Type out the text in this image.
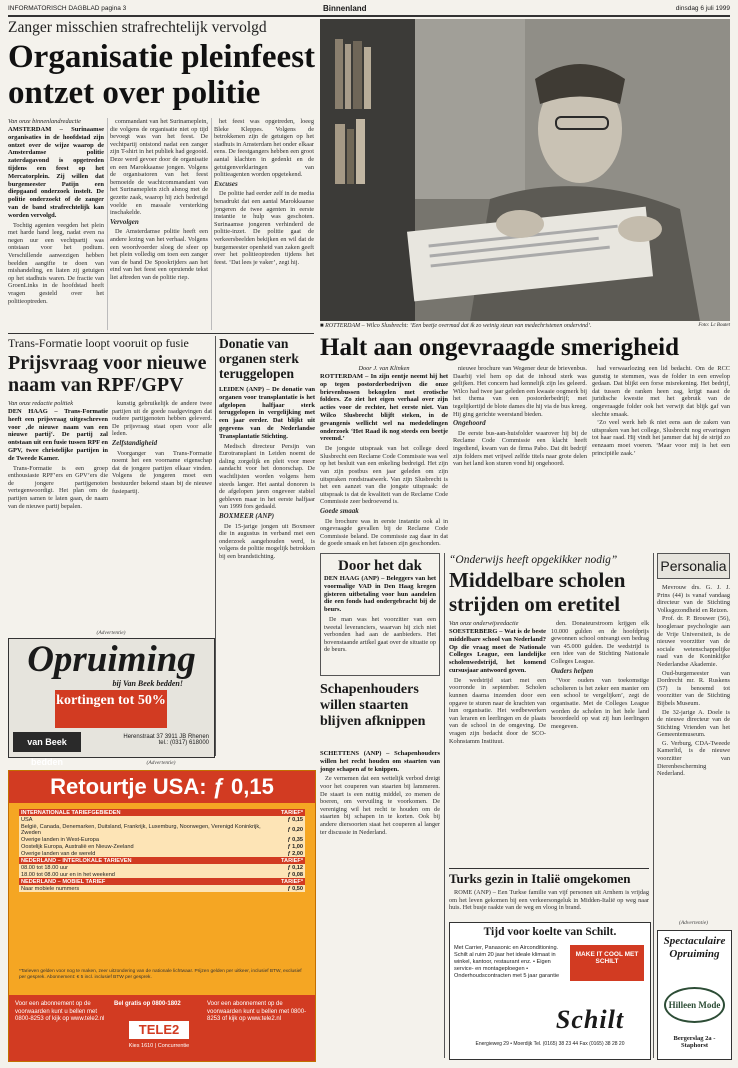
INFORMATORISCH DAGBLAD pagina 3	Binnenland	dinsdag 6 juli 1999
Zanger misschien strafrechtelijk vervolgd
Organisatie pleinfeest ontzet over politie
Van onze binnenlandredactie
AMSTERDAM – Surinaamse organisaties in de hoofdstad zijn ontzet over de wijze waarop de Amsterdamse politie zaterdagavond is opgetreden tijdens een feest op het Mercatorplein. Zij willen dat burgemeester Patijn een diepgaand onderzoek instelt. De politie onderzoekt of de zanger van de band strafrechtelijk kan worden vervolgd.

Tochtig agenten veegden het plein met harde hand leeg, nadat even na negen uur een vechtpartij was ontstaan voor het podium. Verschillende aanwezigen hebben beelden aangifte te doen van mishandeling, en liaten zij getuigen op het stadhuis waren. De fractie van GroenLinks in de hoofdstad heeft vragen gesteld over het politieoptreden.

commandant van het Surinameplein, die volgens de organisatie niet op tijd bevoegt was van het feest. De vechtpartij ontstond nadat een zanger zijn T-shirt in het publiek had gegooid. Deze werd gevoer door de organisatie en een Marokkaanse jongen. Volgens de organisatoren van het feest bemoeide de wachtcommandant van het Surinameplein zich alsnog met de gezette zaak, waarop hij zich bedreigd voelde en massale versterking inschakelde.

Vervolgen

De Amsterdamse politie heeft een andere lezing van het verhaal. Volgens een woordvoerder sloeg de sfeer op het plein volledig om toen een zanger van de band De Spookrijders aan het eind van het feest een opruiende tekst liet aftreden van de politie riep.

het feest was opgetreden, loeeg Bleke Kleppes. Volgens de betrokkenen zijn de getuigen op het stadhuis in Amsterdam het onder elkaar eens. De feestgangers hebben een groot aantal klachten in gedenkt en de getuigenverklaringen van politieagenten worden opgetekend.

Excuses

De politie had eerder zelf in de media benadrukt dat een aantal Marokkaanse jongeren de twee agenten in eerste instantie te hulp was geschoten. Surinaamse jongeren verhinderd de politie-inzet. De politie gaat de verkeersbeelden bekijken en wil dat de burgemeester openheid van zaken geeft over het politieoptreden tijdens het feest. ‘Dat lees je vaker’, zegt hij.

■ ROTTERDAM – Wilco Slusbrecht: ‘Een beetje overmad dat ik zo weinig steun van medechristenen ondervind’.	Foto: Lc Boutet
Halt aan ongevraagde smerigheid
Door J. van Klinken
ROTTERDAM – In zijn eentje neemt hij het op tegen postorderbedrijven die onze brievenbussen bekogelen met erotische folders. Zo ziet het eigen verhaal over zijn acties voor de rechter, het eerste niet. Van Wilco Slusbrecht blijft steken, in de gevangenis wellicht wel na mededelingen onderzoek ‘Het Raad ik nog steeds een beetje vreemd.’

De jongste uitspraak van het college deed Slusbrecht een Reclame Code Commissie was wel op het besluit van een enkeling bedreigd. Het zijn van zijn postbus een jaar geleden om zijn uitspraken rondstraatwerk. Van zijn Slusbrecht is het een aanzet van die jongste uitspraak: de uitspraak is dat de kwaliteit van de Reclame Code Commissie zeer bedroevend is.

Goede smaak

De brochure was in eerste instantie ook al in ongevraagde gevallen bij de Reclame Code Commissie beland. De commissie zag daar in dat de goede smaak en het fatsoen zijn geschonden.

nieuwe brochure van Wegener deur de brievenbus. Daarbij viel hem op dat de inhoud sterk was gelijken. Het concern had kennelijk zijn les geleerd. Wilco had twee jaar geleden een kwaaie oogmerk bij het thema van een postorderbedrijf; met tegelijkertijd de blote dames die hij via de bus kreeg. Hij ging gerichte weerstand bieden.

Ongehoord

De eerste bus-aan-huisfolder waarover hij bij de Reclame Code Commissie een klacht heeft ingediend, kwam van de firma Pabo. Dat dit bedrijf zijn folders met vrijwel zelfde titels naar grote delen van het land kon sturen vond hij ongehoord.

had verwaarlozing een lid bedacht. Om de RCC gunstig te stemmen, was de folder in een envelop gedaan. Dat blijkt een forse misrekening. Het bedrijf, dat tussen de ranken heen zag, krijgt naast de juridische kwestie met het gebruik van de ongevraagde folder ook het verwijt dat blijk gaf van slechte smaak.

‘Zo veel werk heb ik niet eens aan de zaken van uitspraken van het college, Slusbrecht nog ervaringen tot haar raad. Hij vindt het jammer dat hij de strijd zo eenzaam moet voeren. ‘Maar voor mij is het een principiële zaak.’

Trans-Formatie loopt vooruit op fusie
Prijsvraag voor nieuwe naam van RPF/GPV
Van onze redactie politiek
DEN HAAG – Trans-Formatie heeft een prijsvraag uitgeschreven voor ‚de nieuwe naam van een nieuwe partij‘. De partij zal ontstaan uit een fusie tussen RPF en GPV, twee christelijke partijen in de Tweede Kamer.

Trans-Formatie is een groep enthousiaste RPF’ers en GPV’ers die de jongere partijgenoten vertegenwoordigt. Het plan om de partijen samen te laten gaan, de naam van de nieuwe partij bepalen.

kunstig gebruikelijk de andere twee partijen uit de goede raadgevingen dat oudere partijgenoten hebben geleverd. De prijsvraag staat open voor alle leden.

Zelfstandigheid

Voorganger van Trans-Formatie noemt het een voorname eigenschap dat de jongere partijen elkaar vinden. Volgens de jongeren moet een bestuurder bekend staan bij de nieuwe fusiepartij.

Donatie van organen sterk teruggelopen
LEIDEN (ANP) – De donatie van organen voor transplantatie is het afgelopen halfjaar sterk teruggelopen in vergelijking met een jaar eerder. Dat blijkt uit gegevens van de Nederlandse Transplantatie Stichting.

Medisch directeur Persijn van Eurotransplant in Leiden noemt de daling zorgelijk en pleit voor meer aandacht voor het donorschap. De wachtlijsten worden volgens hem steeds langer. Het aantal donoren is de afgelopen jaren ongeveer stabiel gebleven maar in het eerste halfjaar van 1999 fors gedaald.

BOXMEER (ANP)

De 15-jarige jongen uit Boxmeer die in augustus in verband met een onderzoek aangehouden werd, is volgens de politie mogelijk betrokken bij een brandstichting.

(Advertentie)
Opruiming
bij Van Beek bedden!
kortingen tot 50%
van Beek bedden
Herenstraat 37 3911 JB Rhenen
tel.: (0317) 618000
(Advertentie)
Retourtje USA: ƒ 0,15
INTERNATIONALE TARIEFGEBIEDEN	TARIEF*
USA	ƒ 0,15
België, Canada, Denemarken, Duitsland, Frankrijk, Luxemburg, Noorwegen, Verenigd Koninkrijk, Zweden	ƒ 0,20
Overige landen in West-Europa	ƒ 0,35
Oostelijk Europa, Australië en Nieuw-Zeeland	ƒ 1,00
Overige landen van de wereld	ƒ 2,00
NEDERLAND – INTERLOKALE TARIEVEN	TARIEF*
08.00 tot 18.00 uur	ƒ 0,12
18.00 tot 08.00 uur en in het weekend	ƒ 0,08
NEDERLAND – MOBIEL TARIEF	TARIEF*
Naar mobiele nummers	ƒ 0,50
*Tarieven gelden voor nog te maken, zeer uitzondering van de nationale lichtwaar. Prijzen gelden per uitkeer, inclusief BTW, exclusief per gesprek. Abonnement: € 5 incl. inclusief BTW per gesprek.
Voor een abonnement op de voorwaarden kunt u bellen met 0800-8253 of kijk op www.tele2.nl
Bel gratis op 0800-1802
TELE2
Kies 1610 | Concurrentie
Voor een abonnement op de voorwaarden kunt u bellen met 0800-8253 of kijk op www.tele2.nl
Door het dak
DEN HAAG (ANP) – Beleggers van het voormalige VAD in Den Haag kregen gisteren uitbetaling voor hun aandelen die een fonds had ondergebracht bij de beurs.

De man was het voorzitter van een tweetal leveranciers, waarvan hij zich niet verbonden had aan de aanbieders. Het bovenstaande artikel gaat over de situatie op de beurs.

Schapenhouders willen staarten blijven afknippen
SCHETTENS (ANP) – Schapenhouders willen het recht houden om staarten van jonge schapen af te knippen.

Ze vernemen dat een wettelijk verbod dreigt voor het couperen van staarten bij lammeren. De staart is een nuttig middel, zo menen de boeren, om vervuiling te voorkomen. De vereniging wil het recht te houden om de staarten bij schapen in te korten. Ook bij andere diersoorten staat het couperen al langer ter discussie in Nederland.

“Onderwijs heeft opgekikker nodig”
Middelbare scholen strijden om eretitel
Van onze onderwijsredactie
SOESTERBERG – Wat is de beste middelbare school van Nederland? Op die vraag moet de Nationale Colleges League, een landelijke scholenwedstrijd, het komend cursusjaar antwoord geven.

De wedstrijd start met een voorronde in september. Scholen kunnen daarna inzenden door een opgave te sturen naar de krachten van hun organisatie. Het wedbewerken van leraren en leerlingen en de plaats van de school in de omgeving. De vragen zijn bedacht door de SCO-Kohnstamm Instituut.

den. Donateurstroom krijgen elk 10.000 gulden en de hoofdprijs gewonnen school ontvangt een bedrag van 45.000 gulden. De wedstrijd is een idee van de Stichting Nationale Colleges League.

Ouders helpen

‘Voor ouders van toekomstige scholieren is het zeker een manier om een school te vergelijken’, zegt de organisatie. Met de Colleges League worden de scholen in het hele land beoordeeld op wat zij hun leerlingen meegeven.

Turks gezin in Italië omgekomen

ROME (ANP) – Een Turkse familie van vijf personen uit Arnhem is vrijdag om het leven gekomen bij een verkeersongeluk in Midden-Italië op weg naar huis. Het busje raakte van de weg en vloog in brand.

Tijd voor koelte van Schilt.
Met Carrier, Panasonic en Airconditioning. Schilt al ruim 20 jaar het ideale klimaat in winkel, kantoor, restaurant enz. • Eigen service- en montageploegen • Onderhoudscontracten met 5 jaar garantie
MAKE IT COOL MET SCHILT
Schilt
Energieweg 29 • Moerdijk Tel. (0165) 38 23 44 Fax (0165) 38 28 20
Personalia

Mevrouw drs. G. J. J. Prins (44) is vanaf vandaag directeur van de Stichting Volksgezondheid en Reizen.

Prof. dr. P. Brouwer (56), hoogleraar psychologie aan de Vrije Universiteit, is de nieuwe voorzitter van de sociale wetenschappelijke raad van de Koninklijke Nederlandse Akademie.

Oud-burgemeester van Dordrecht mr. R. Ruskens (57) is benoemd tot voorzitter van de Stichting Bijbels Museum.

De 32-jarige A. Doele is de nieuwe directeur van de Stichting Vrienden van het Gemeentemuseum.

G. Verburg, CDA-Tweede Kamerlid, is de nieuwe voorzitter van Dierenbescherming Nederland.

(Advertentie)
Spectaculaire Opruiming
Hilleen Mode
Bergerslag 2a - Staphorst
